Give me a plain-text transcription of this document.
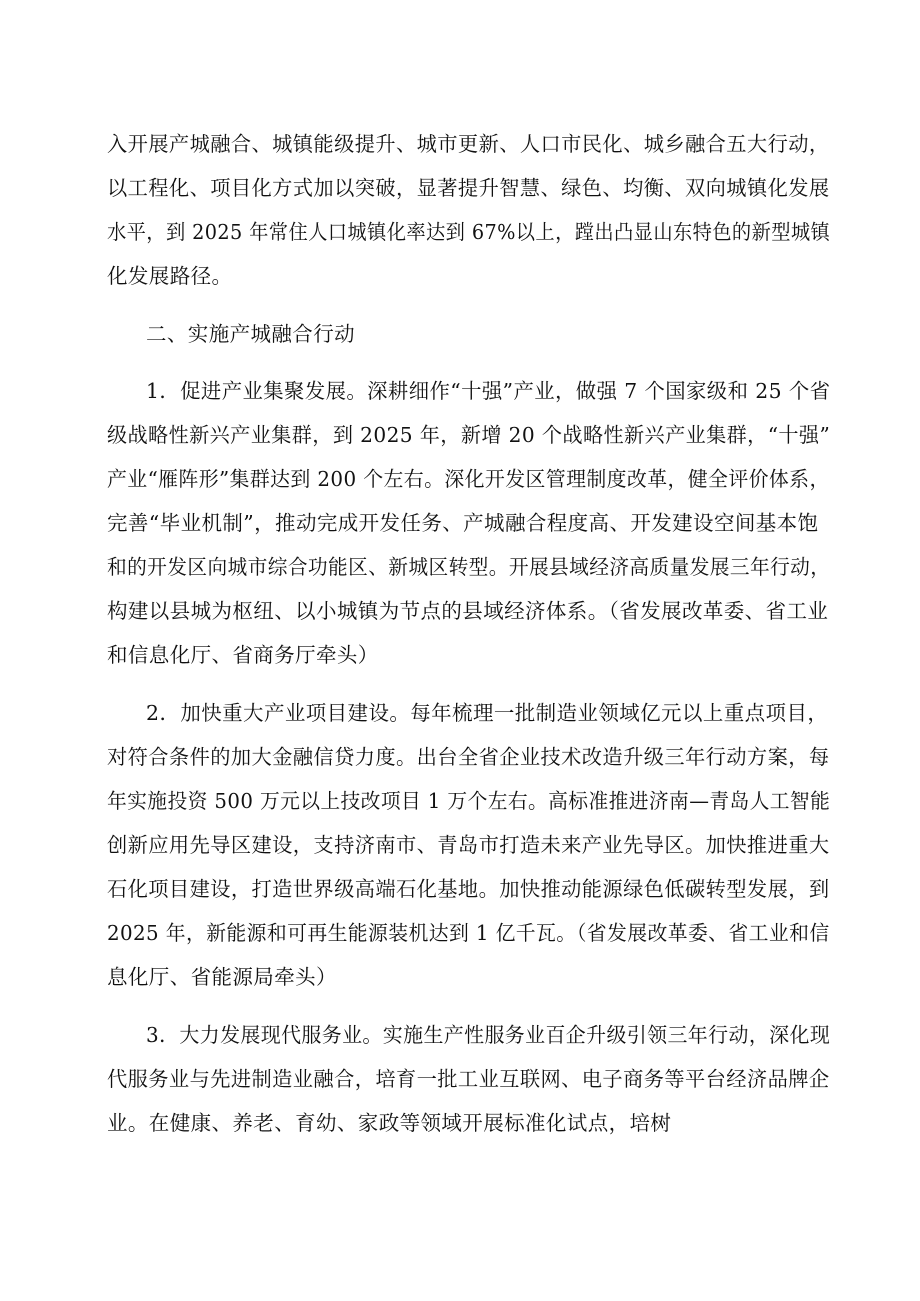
入开展产城融合、城镇能级提升、城市更新、人口市民化、城乡融合五大行动，
以工程化、项目化方式加以突破，显著提升智慧、绿色、均衡、双向城镇化发展
水平，到 2025 年常住人口城镇化率达到 67%以上，蹚出凸显山东特色的新型城镇
化发展路径。
二、实施产城融合行动
1．促进产业集聚发展。深耕细作“十强”产业，做强 7 个国家级和 25 个省
级战略性新兴产业集群，到 2025 年，新增 20 个战略性新兴产业集群，“十强”
产业“雁阵形”集群达到 200 个左右。深化开发区管理制度改革，健全评价体系，
完善“毕业机制”，推动完成开发任务、产城融合程度高、开发建设空间基本饱
和的开发区向城市综合功能区、新城区转型。开展县域经济高质量发展三年行动，
构建以县城为枢纽、以小城镇为节点的县域经济体系。（省发展改革委、省工业
和信息化厅、省商务厅牵头）
2．加快重大产业项目建设。每年梳理一批制造业领域亿元以上重点项目，
对符合条件的加大金融信贷力度。出台全省企业技术改造升级三年行动方案，每
年实施投资 500 万元以上技改项目 1 万个左右。高标准推进济南—青岛人工智能
创新应用先导区建设，支持济南市、青岛市打造未来产业先导区。加快推进重大
石化项目建设，打造世界级高端石化基地。加快推动能源绿色低碳转型发展，到
2025 年，新能源和可再生能源装机达到 1 亿千瓦。（省发展改革委、省工业和信
息化厅、省能源局牵头）
3．大力发展现代服务业。实施生产性服务业百企升级引领三年行动，深化现
代服务业与先进制造业融合，培育一批工业互联网、电子商务等平台经济品牌企
业。在健康、养老、育幼、家政等领域开展标准化试点，培树
